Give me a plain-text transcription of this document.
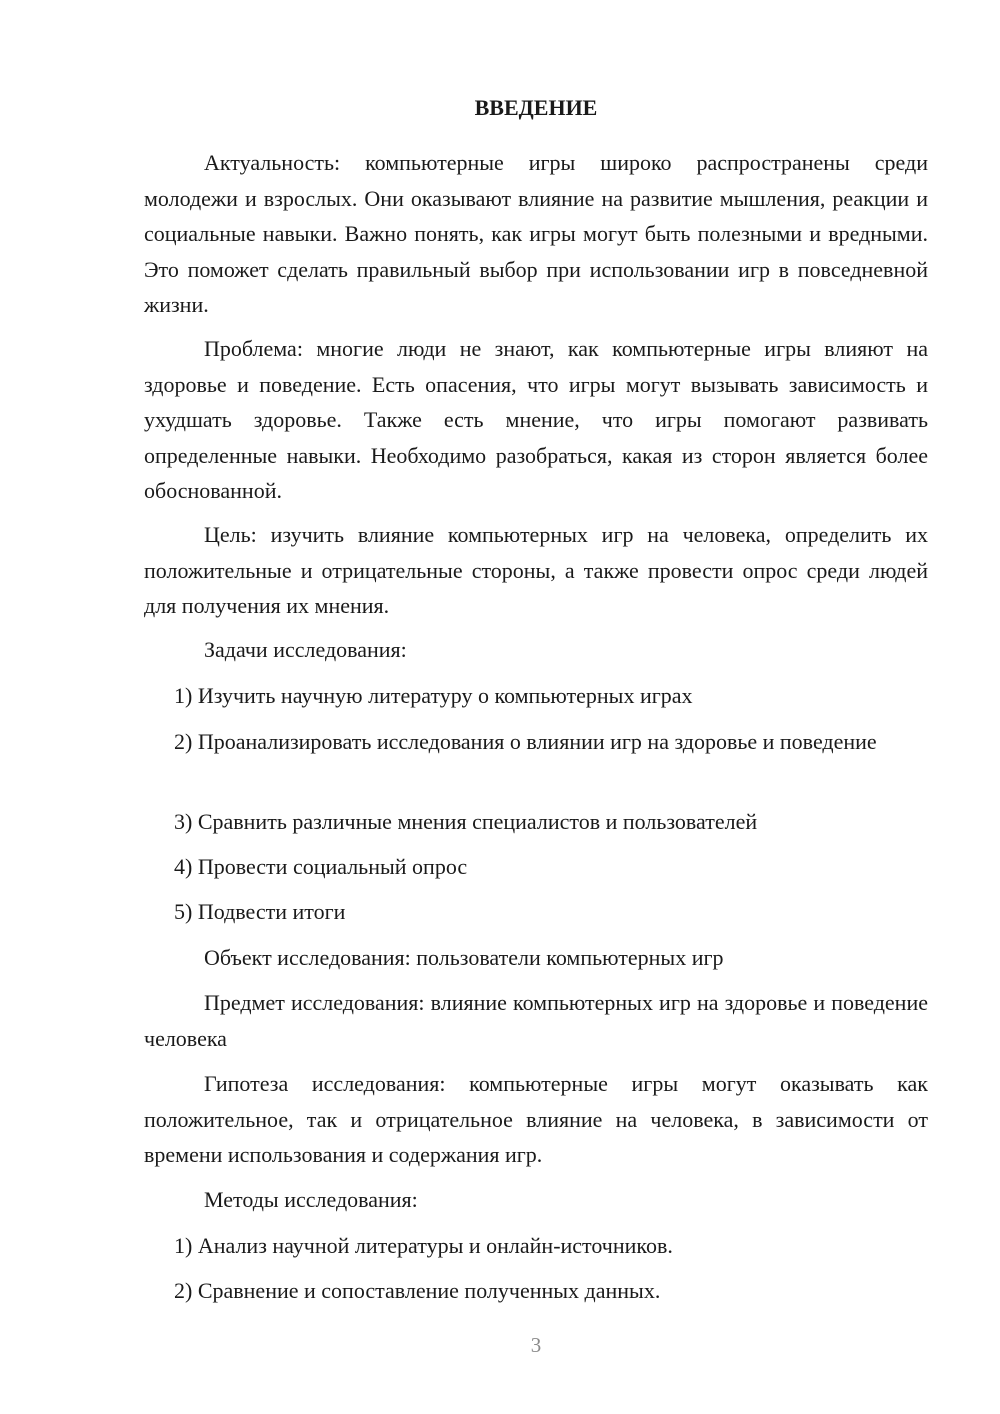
ВВЕДЕНИЕ

Актуальность: компьютерные игры широко распространены среди молодежи и взрослых. Они оказывают влияние на развитие мышления, реакции и социальные навыки. Важно понять, как игры могут быть полезными и вредными. Это поможет сделать правильный выбор при использовании игр в повседневной жизни.

Проблема: многие люди не знают, как компьютерные игры влияют на здоровье и поведение. Есть опасения, что игры могут вызывать зависимость и ухудшать здоровье. Также есть мнение, что игры помогают развивать определенные навыки. Необходимо разобраться, какая из сторон является более обоснованной.

Цель: изучить влияние компьютерных игр на человека, определить их положительные и отрицательные стороны, а также провести опрос среди людей для получения их мнения.

Задачи исследования:

1) Изучить научную литературу о компьютерных играх

2) Проанализировать исследования о влиянии игр на здоровье и поведение

3) Сравнить различные мнения специалистов и пользователей

4) Провести социальный опрос

5) Подвести итоги

Объект исследования: пользователи компьютерных игр

Предмет исследования: влияние компьютерных игр на здоровье и поведение человека

Гипотеза исследования: компьютерные игры могут оказывать как положительное, так и отрицательное влияние на человека, в зависимости от времени использования и содержания игр.

Методы исследования:

1) Анализ научной литературы и онлайн-источников.

2) Сравнение и сопоставление полученных данных.

3
